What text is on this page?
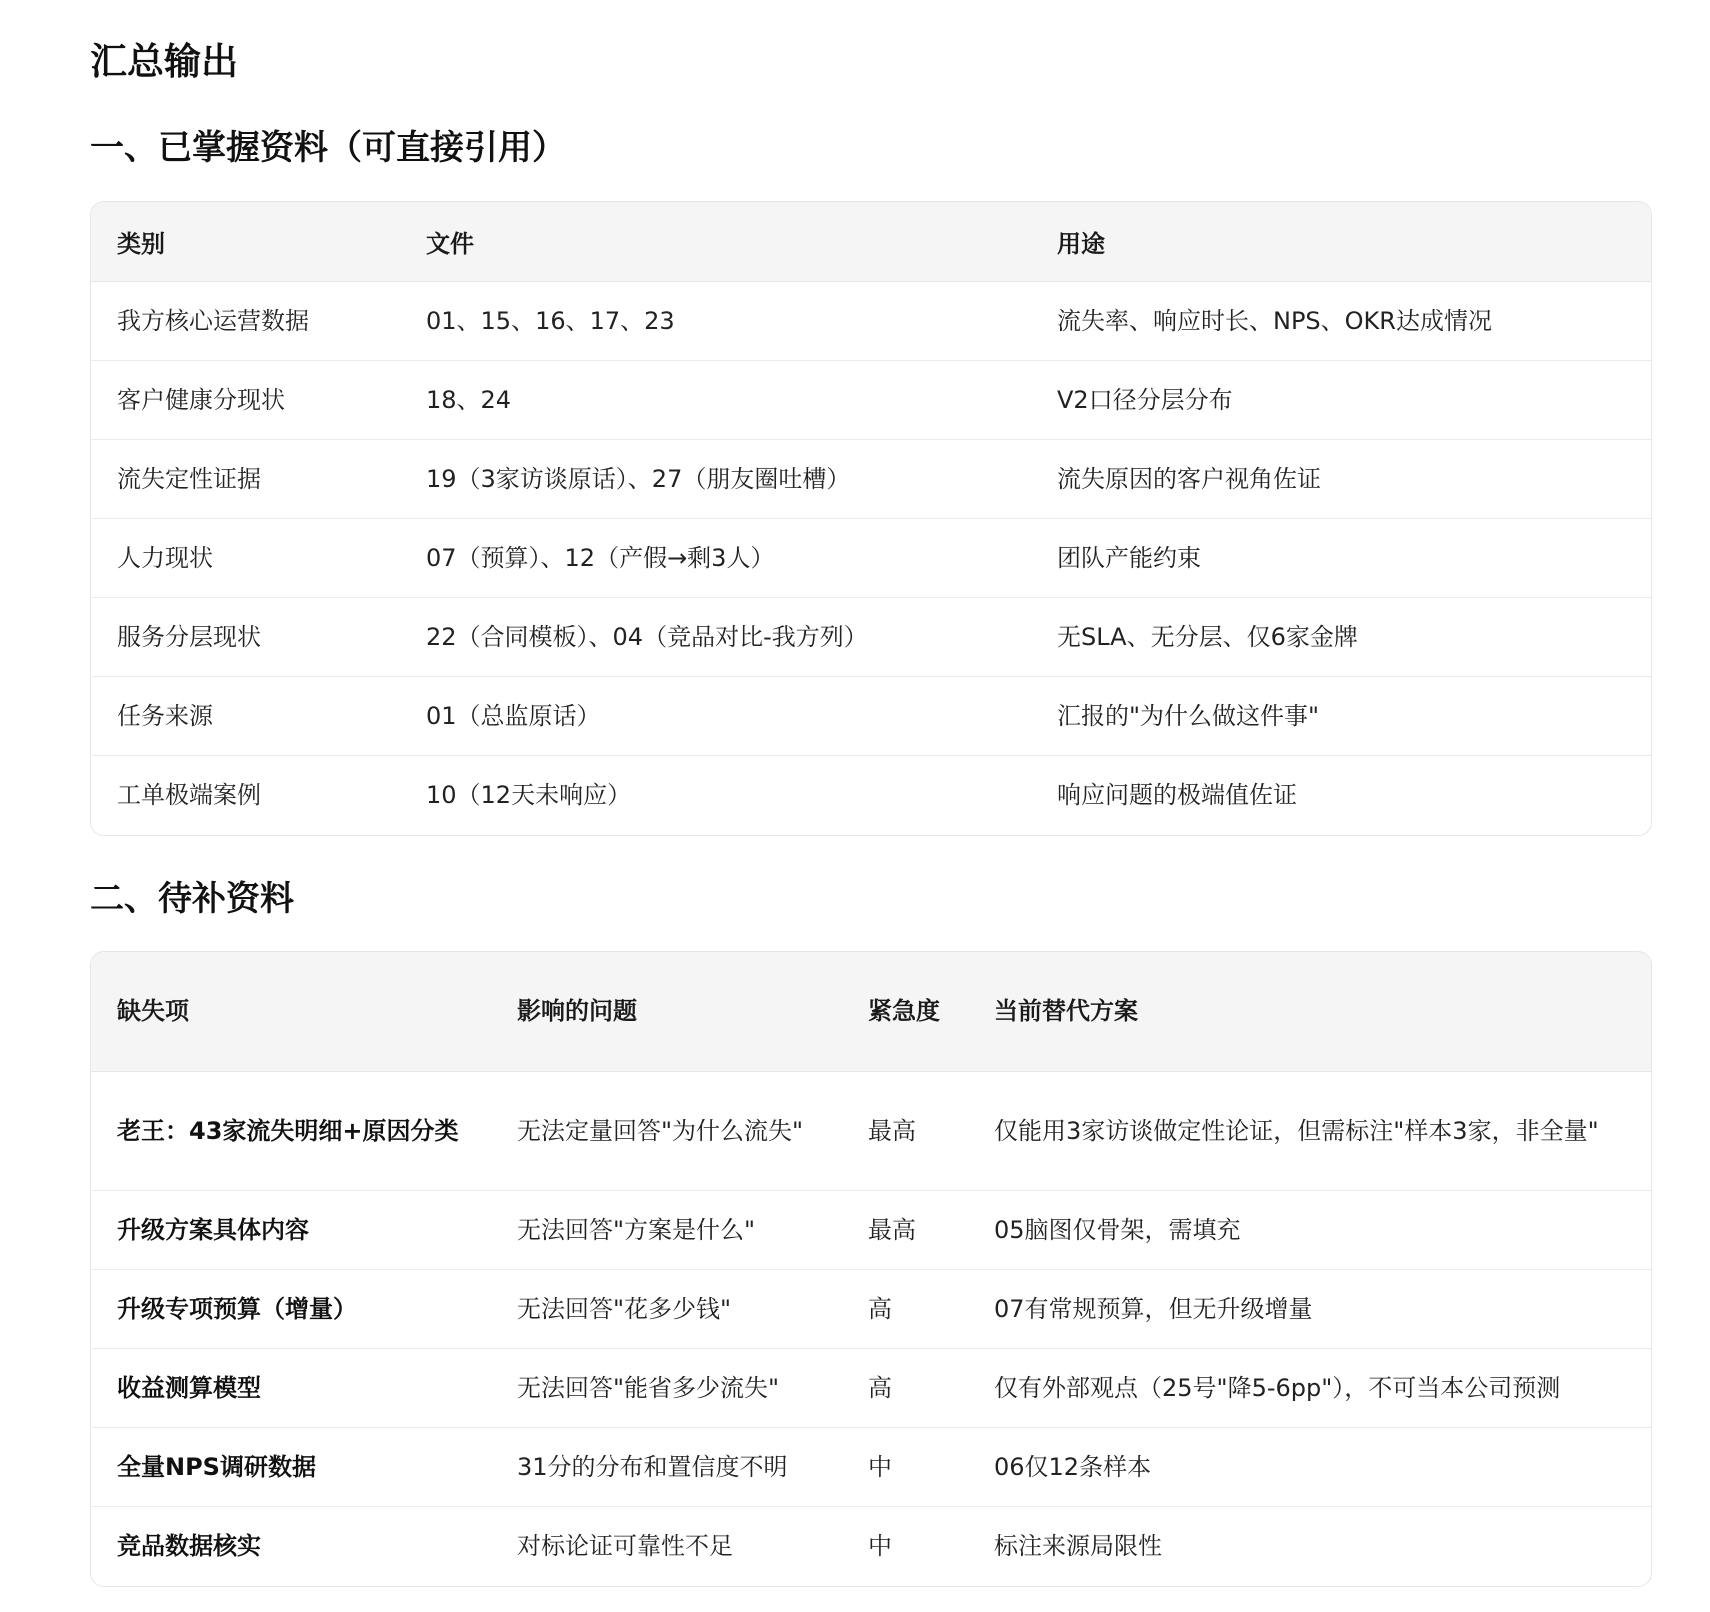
汇总输出
一、已掌握资料（可直接引用）
类别	文件	用途
我方核心运营数据	01、15、16、17、23	流失率、响应时长、NPS、OKR达成情况
客户健康分现状	18、24	V2口径分层分布
流失定性证据	19（3家访谈原话）、27（朋友圈吐槽）	流失原因的客户视角佐证
人力现状	07（预算）、12（产假→剩3人）	团队产能约束
服务分层现状	22（合同模板）、04（竞品对比-我方列）	无SLA、无分层、仅6家金牌
任务来源	01（总监原话）	汇报的"为什么做这件事"
工单极端案例	10（12天未响应）	响应问题的极端值佐证
二、待补资料
缺失项	影响的问题	紧急度	当前替代方案
老王：43家流失明细+原因分类	无法定量回答"为什么流失"	最高	仅能用3家访谈做定性论证，但需标注"样本3家，非全量"
升级方案具体内容	无法回答"方案是什么"	最高	05脑图仅骨架，需填充
升级专项预算（增量）	无法回答"花多少钱"	高	07有常规预算，但无升级增量
收益测算模型	无法回答"能省多少流失"	高	仅有外部观点（25号"降5-6pp"），不可当本公司预测
全量NPS调研数据	31分的分布和置信度不明	中	06仅12条样本
竞品数据核实	对标论证可靠性不足	中	标注来源局限性
